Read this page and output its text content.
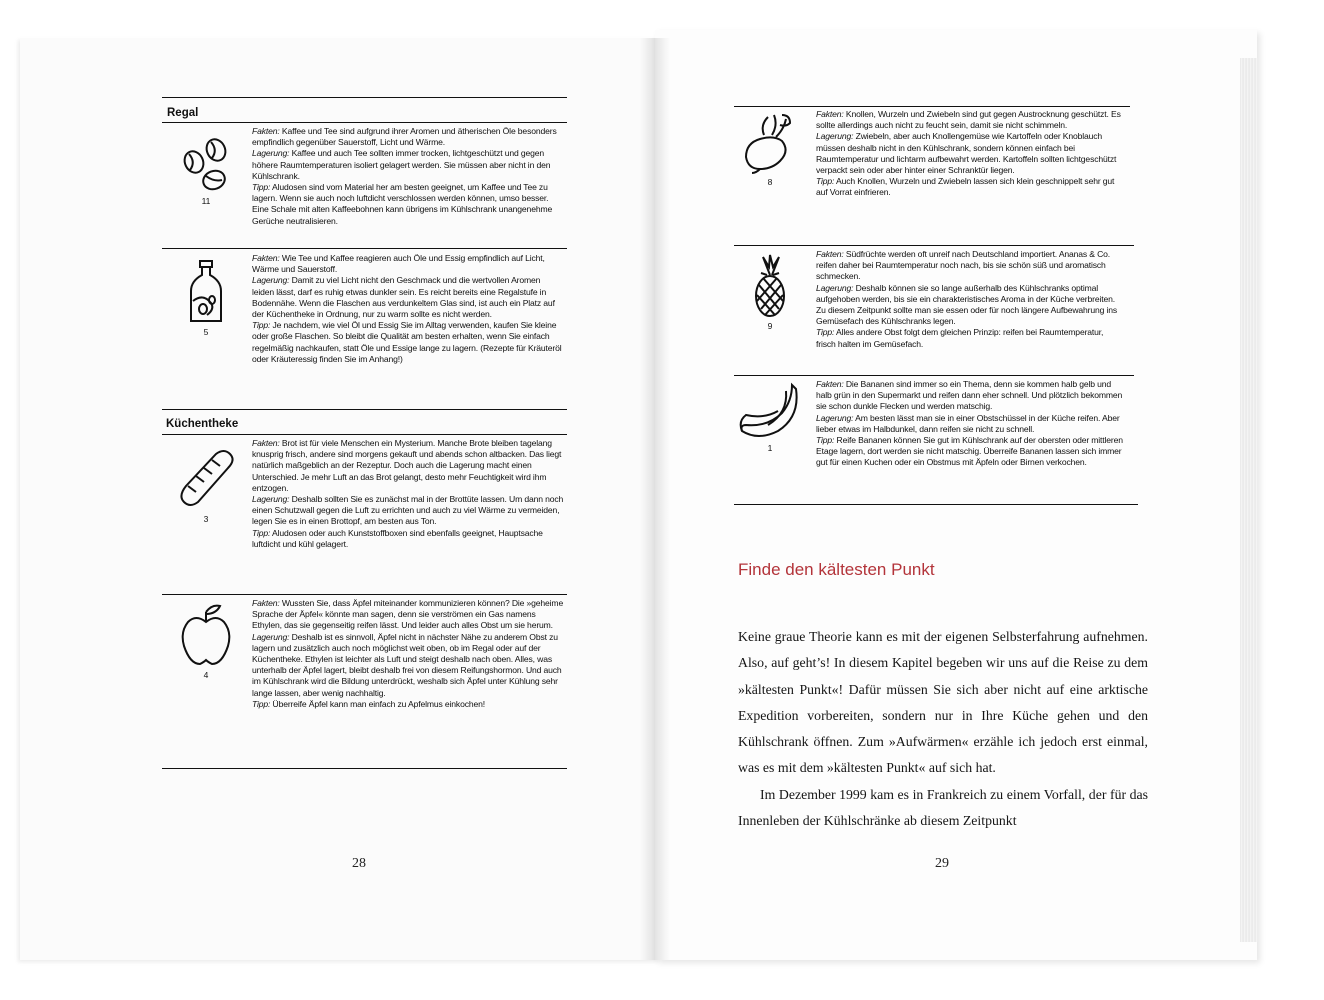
Regal
11

Fakten: Kaffee und Tee sind aufgrund ihrer Aromen und ätherischen Öle besonders empfindlich gegenüber Sauerstoff, Licht und Wärme.

Lagerung: Kaffee und auch Tee sollten immer trocken, lichtgeschützt und gegen höhere Raumtemperaturen isoliert gelagert werden. Sie müssen aber nicht in den Kühlschrank.

Tipp: Aludosen sind vom Material her am besten geeignet, um Kaffee und Tee zu lagern. Wenn sie auch noch luftdicht verschlossen werden können, umso besser. Eine Schale mit alten Kaffeebohnen kann übrigens im Kühlschrank unangenehme Gerüche neutralisieren.

5

Fakten: Wie Tee und Kaffee reagieren auch Öle und Essig empfindlich auf Licht, Wärme und Sauerstoff.

Lagerung: Damit zu viel Licht nicht den Geschmack und die wertvollen Aromen leiden lässt, darf es ruhig etwas dunkler sein. Es reicht bereits eine Regalstufe in Bodennähe. Wenn die Flaschen aus verdunkeltem Glas sind, ist auch ein Platz auf der Küchentheke in Ordnung, nur zu warm sollte es nicht werden.

Tipp: Je nachdem, wie viel Öl und Essig Sie im Alltag verwenden, kaufen Sie kleine oder große Flaschen. So bleibt die Qualität am besten erhalten, wenn Sie einfach regelmäßig nachkaufen, statt Öle und Essige lange zu lagern. (Rezepte für Kräuteröl oder Kräuteressig finden Sie im Anhang!)

Küchentheke
3

Fakten: Brot ist für viele Menschen ein Mysterium. Manche Brote bleiben tagelang knusprig frisch, andere sind morgens gekauft und abends schon altbacken. Das liegt natürlich maßgeblich an der Rezeptur. Doch auch die Lagerung macht einen Unterschied. Je mehr Luft an das Brot gelangt, desto mehr Feuchtigkeit wird ihm entzogen.

Lagerung: Deshalb sollten Sie es zunächst mal in der Brottüte lassen. Um dann noch einen Schutzwall gegen die Luft zu errichten und auch zu viel Wärme zu vermeiden, legen Sie es in einen Brottopf, am besten aus Ton.

Tipp: Aludosen oder auch Kunststoffboxen sind ebenfalls geeignet, Hauptsache luftdicht und kühl gelagert.

4

Fakten: Wussten Sie, dass Äpfel miteinander kommunizieren können? Die »geheime Sprache der Äpfel« könnte man sagen, denn sie verströmen ein Gas namens Ethylen, das sie gegenseitig reifen lässt. Und leider auch alles Obst um sie herum.

Lagerung: Deshalb ist es sinnvoll, Äpfel nicht in nächster Nähe zu anderem Obst zu lagern und zusätzlich auch noch möglichst weit oben, ob im Regal oder auf der Küchentheke. Ethylen ist leichter als Luft und steigt deshalb nach oben. Alles, was unterhalb der Äpfel lagert, bleibt deshalb frei von diesem Reifungshormon. Und auch im Kühlschrank wird die Bildung unterdrückt, weshalb sich Äpfel unter Kühlung sehr lange lassen, aber wenig nachhaltig.

Tipp: Überreife Äpfel kann man einfach zu Apfelmus einkochen!

28
8

Fakten: Knollen, Wurzeln und Zwiebeln sind gut gegen Austrocknung geschützt. Es sollte allerdings auch nicht zu feucht sein, damit sie nicht schimmeln.

Lagerung: Zwiebeln, aber auch Knollengemüse wie Kartoffeln oder Knoblauch müssen deshalb nicht in den Kühlschrank, sondern können einfach bei Raumtemperatur und lichtarm aufbewahrt werden. Kartoffeln sollten lichtgeschützt verpackt sein oder aber hinter einer Schranktür liegen.

Tipp: Auch Knollen, Wurzeln und Zwiebeln lassen sich klein geschnippelt sehr gut auf Vorrat einfrieren.

9

Fakten: Südfrüchte werden oft unreif nach Deutschland importiert. Ananas & Co. reifen daher bei Raumtemperatur noch nach, bis sie schön süß und aromatisch schmecken.

Lagerung: Deshalb können sie so lange außerhalb des Kühlschranks optimal aufgehoben werden, bis sie ein charakteristisches Aroma in der Küche verbreiten. Zu diesem Zeitpunkt sollte man sie essen oder für noch längere Aufbewahrung ins Gemüsefach des Kühlschranks legen.

Tipp: Alles andere Obst folgt dem gleichen Prinzip: reifen bei Raumtemperatur, frisch halten im Gemüsefach.

1

Fakten: Die Bananen sind immer so ein Thema, denn sie kommen halb gelb und halb grün in den Supermarkt und reifen dann eher schnell. Und plötzlich bekommen sie schon dunkle Flecken und werden matschig.

Lagerung: Am besten lässt man sie in einer Obstschüssel in der Küche reifen. Aber lieber etwas im Halbdunkel, dann reifen sie nicht zu schnell.

Tipp: Reife Bananen können Sie gut im Kühlschrank auf der obersten oder mittleren Etage lagern, dort werden sie nicht matschig. Überreife Bananen lassen sich immer gut für einen Kuchen oder ein Obstmus mit Äpfeln oder Birnen verkochen.

Finde den kältesten Punkt

Keine graue Theorie kann es mit der eigenen Selbsterfahrung aufnehmen. Also, auf geht’s! In diesem Kapitel begeben wir uns auf die Reise zu dem »kältesten Punkt«! Dafür müssen Sie sich aber nicht auf eine arktische Expedition vorbereiten, sondern nur in Ihre Küche gehen und den Kühlschrank öffnen. Zum »Aufwärmen« erzähle ich jedoch erst einmal, was es mit dem »kältesten Punkt« auf sich hat.

Im Dezember 1999 kam es in Frankreich zu einem Vorfall, der für das Innenleben der Kühlschränke ab diesem Zeitpunkt

29
